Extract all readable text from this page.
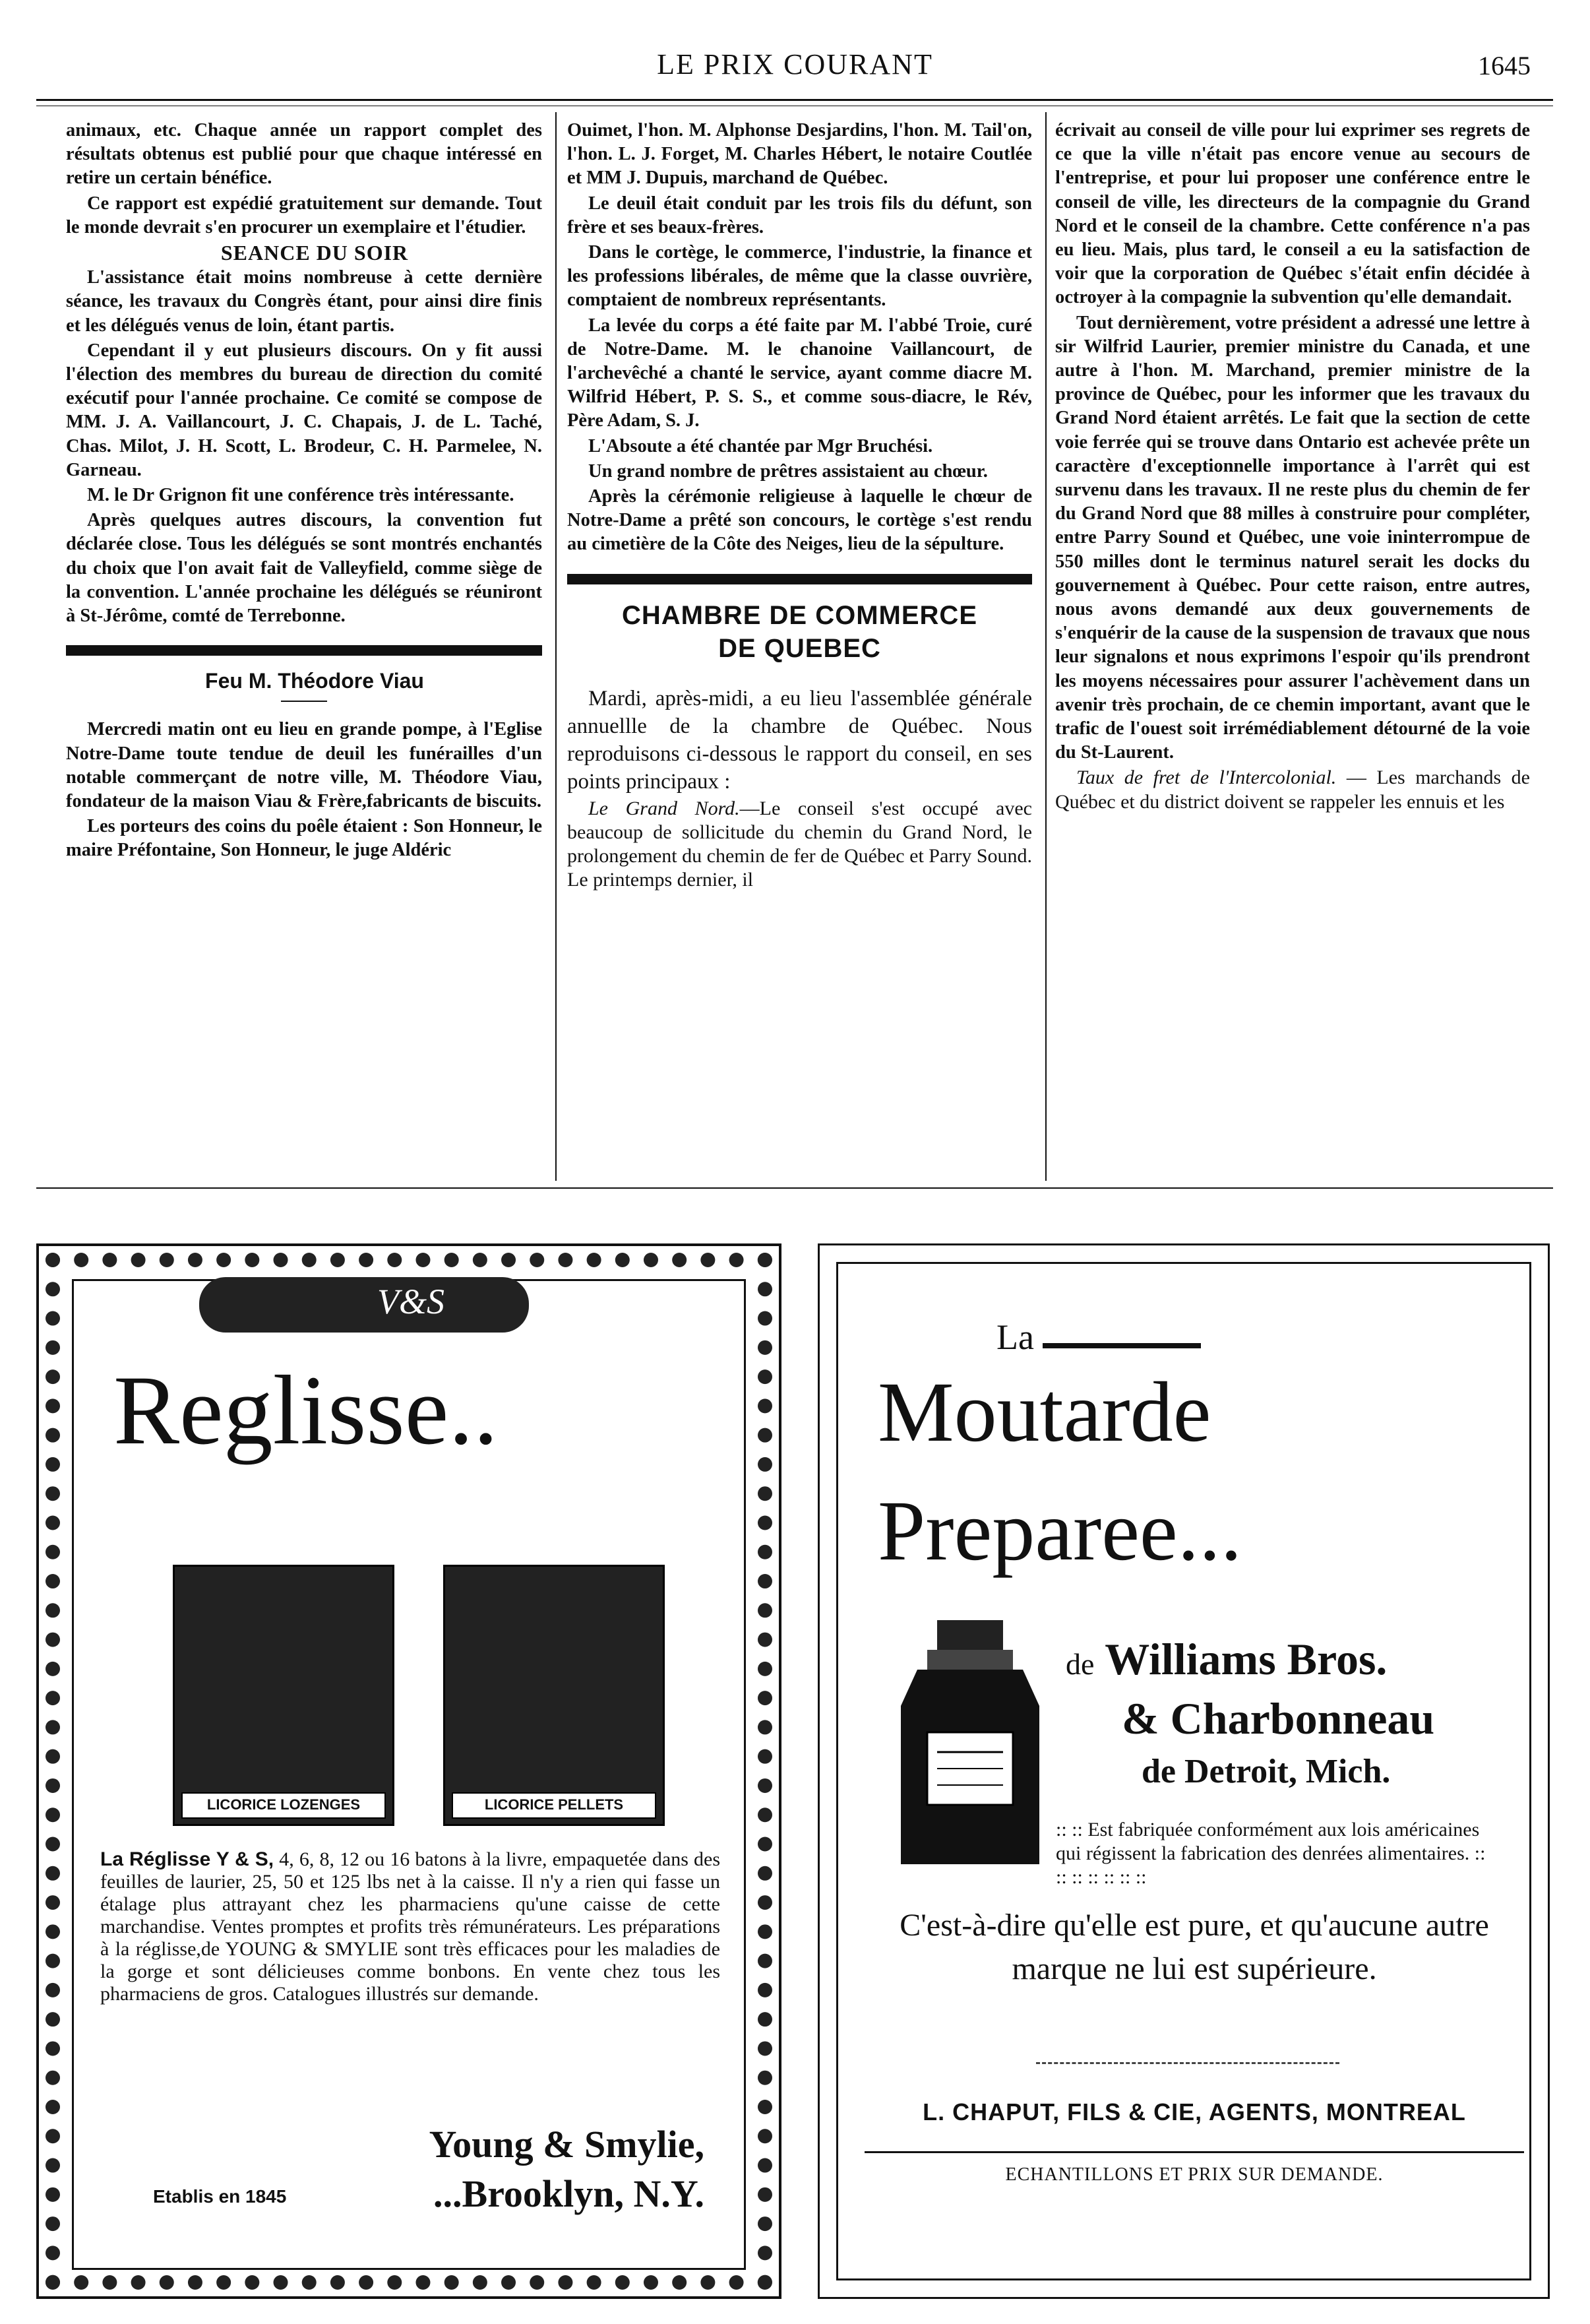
LE PRIX COURANT	1645

animaux, etc. Chaque année un rapport complet des résultats obtenus est publié pour que chaque intéressé en retire un certain bénéfice.

Ce rapport est expédié gratuitement sur demande. Tout le monde devrait s'en procurer un exemplaire et l'étudier.

SEANCE DU SOIR

L'assistance était moins nombreuse à cette dernière séance, les travaux du Congrès étant, pour ainsi dire finis et les délégués venus de loin, étant partis.

Cependant il y eut plusieurs discours. On y fit aussi l'élection des membres du bureau de direction du comité exécutif pour l'année prochaine. Ce comité se compose de MM. J. A. Vaillancourt, J. C. Chapais, J. de L. Taché, Chas. Milot, J. H. Scott, L. Brodeur, C. H. Parmelee, N. Garneau.

M. le Dr Grignon fit une conférence très intéressante.

Après quelques autres discours, la convention fut déclarée close. Tous les délégués se sont montrés enchantés du choix que l'on avait fait de Valleyfield, comme siège de la convention. L'année prochaine les délégués se réuniront à St-Jérôme, comté de Terrebonne.

Feu M. Théodore Viau

Mercredi matin ont eu lieu en grande pompe, à l'Eglise Notre-Dame toute tendue de deuil les funérailles d'un notable commerçant de notre ville, M. Théodore Viau, fondateur de la maison Viau & Frère,fabricants de biscuits.

Les porteurs des coins du poêle étaient : Son Honneur, le maire Préfontaine, Son Honneur, le juge Aldéric

Ouimet, l'hon. M. Alphonse Desjardins, l'hon. M. Tail'on, l'hon. L. J. Forget, M. Charles Hébert, le notaire Coutlée et MM J. Dupuis, marchand de Québec.

Le deuil était conduit par les trois fils du défunt, son frère et ses beaux-frères.

Dans le cortège, le commerce, l'industrie, la finance et les professions libérales, de même que la classe ouvrière, comptaient de nombreux représentants.

La levée du corps a été faite par M. l'abbé Troie, curé de Notre-Dame. M. le chanoine Vaillancourt, de l'archevêché a chanté le service, ayant comme diacre M. Wilfrid Hébert, P. S. S., et comme sous-diacre, le Rév, Père Adam, S. J.

L'Absoute a été chantée par Mgr Bruchési.

Un grand nombre de prêtres assistaient au chœur.

Après la cérémonie religieuse à laquelle le chœur de Notre-Dame a prêté son concours, le cortège s'est rendu au cimetière de la Côte des Neiges, lieu de la sépulture.

CHAMBRE DE COMMERCE
DE QUEBEC

Mardi, après-midi, a eu lieu l'assemblée générale annuellle de la chambre de Québec. Nous reproduisons ci-dessous le rapport du conseil, en ses points principaux :

Le Grand Nord.—Le conseil s'est occupé avec beaucoup de sollicitude du chemin du Grand Nord, le prolongement du chemin de fer de Québec et Parry Sound. Le printemps dernier, il

écrivait au conseil de ville pour lui exprimer ses regrets de ce que la ville n'était pas encore venue au secours de l'entreprise, et pour lui proposer une conférence entre le conseil de ville, les directeurs de la compagnie du Grand Nord et le conseil de la chambre. Cette conférence n'a pas eu lieu. Mais, plus tard, le conseil a eu la satisfaction de voir que la corporation de Québec s'était enfin décidée à octroyer à la compagnie la subvention qu'elle demandait.

Tout dernièrement, votre président a adressé une lettre à sir Wilfrid Laurier, premier ministre du Canada, et une autre à l'hon. M. Marchand, premier ministre de la province de Québec, pour les informer que les travaux du Grand Nord étaient arrêtés. Le fait que la section de cette voie ferrée qui se trouve dans Ontario est achevée prête un caractère d'exceptionnelle importance à l'arrêt qui est survenu dans les travaux. Il ne reste plus du chemin de fer du Grand Nord que 88 milles à construire pour compléter, entre Parry Sound et Québec, une voie ininterrompue de 550 milles dont le terminus naturel serait les docks du gouvernement à Québec. Pour cette raison, entre autres, nous avons demandé aux deux gouvernements de s'enquérir de la cause de la suspension de travaux que nous leur signalons et nous exprimons l'espoir qu'ils prendront les moyens nécessaires pour assurer l'achèvement dans un avenir très prochain, de ce chemin important, avant que le trafic de l'ouest soit irrémédiablement détourné de la voie du St-Laurent.

Taux de fret de l'Intercolonial. — Les marchands de Québec et du district doivent se rappeler les ennuis et les

V&S
Reglisse..
LICORICE LOZENGES	LICORICE PELLETS
La Réglisse Y & S, 4, 6, 8, 12 ou 16 batons à la livre, empaquetée dans des feuilles de laurier, 25, 50 et 125 lbs net à la caisse. Il n'y a rien qui fasse un étalage plus attrayant chez les pharmaciens qu'une caisse de cette marchandise. Ventes promptes et profits très rémunérateurs. Les préparations à la réglisse,de YOUNG & SMYLIE sont très efficaces pour les maladies de la gorge et sont délicieuses comme bonbons. En vente chez tous les pharmaciens de gros. Catalogues illustrés sur demande.
Etablis en 1845
Young & Smylie,
...Brooklyn, N.Y.
La
Moutarde
Preparee...
de Williams Bros.
& Charbonneau
de Detroit, Mich.
:: :: Est fabriquée conformément aux lois américaines qui régissent la fabrication des denrées alimentaires. :: :: :: :: :: :: ::
C'est-à-dire qu'elle est pure, et qu'aucune autre marque ne lui est supérieure.
L. CHAPUT, FILS & CIE, AGENTS, MONTREAL
ECHANTILLONS ET PRIX SUR DEMANDE.
